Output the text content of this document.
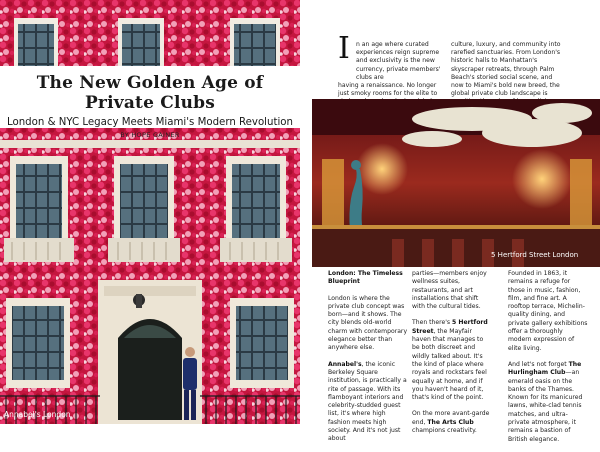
The New Golden Age of Private Clubs
London & NYC Legacy Meets Miami's Modern Revolution
BY HOPE GAINER
Annabel's London
I	n an age where curated experiences reign supreme and exclusivity is the new currency, private members' clubs are
having a renaissance. No longer just smoky rooms for the elite to
culture, luxury, and community into rarefied sanctuaries. From London's historic halls to Manhattan's skyscraper retreats, through Palm Beach's storied social scene, and now to Miami's bold new breed, the global private club landscape is
5 Hertford Street London

London: The Timeless Blueprint

London is where the private club concept was born—and it shows. The city blends old-world charm with contemporary elegance better than anywhere else.

Annabel's, the iconic Berkeley Square institution, is practically a rite of passage. With its flamboyant interiors and celebrity-studded guest list, it's where high fashion meets high society. And it's not just about

parties—members enjoy wellness suites, restaurants, and art installations that shift with the cultural tides.

Then there's 5 Hertford Street, the Mayfair haven that manages to be both discreet and wildly talked about. It's the kind of place where royals and rockstars feel equally at home, and if you haven't heard of it, that's kind of the point.

On the more avant-garde end, The Arts Club champions creativity.

Founded in 1863, it remains a refuge for those in music, fashion, film, and fine art. A rooftop terrace, Michelin-quality dining, and private gallery exhibitions offer a thoroughly modern expression of elite living.

And let's not forget The Hurlingham Club—an emerald oasis on the banks of the Thames. Known for its manicured lawns, white-clad tennis matches, and ultra-private atmosphere, it remains a bastion of British elegance.
